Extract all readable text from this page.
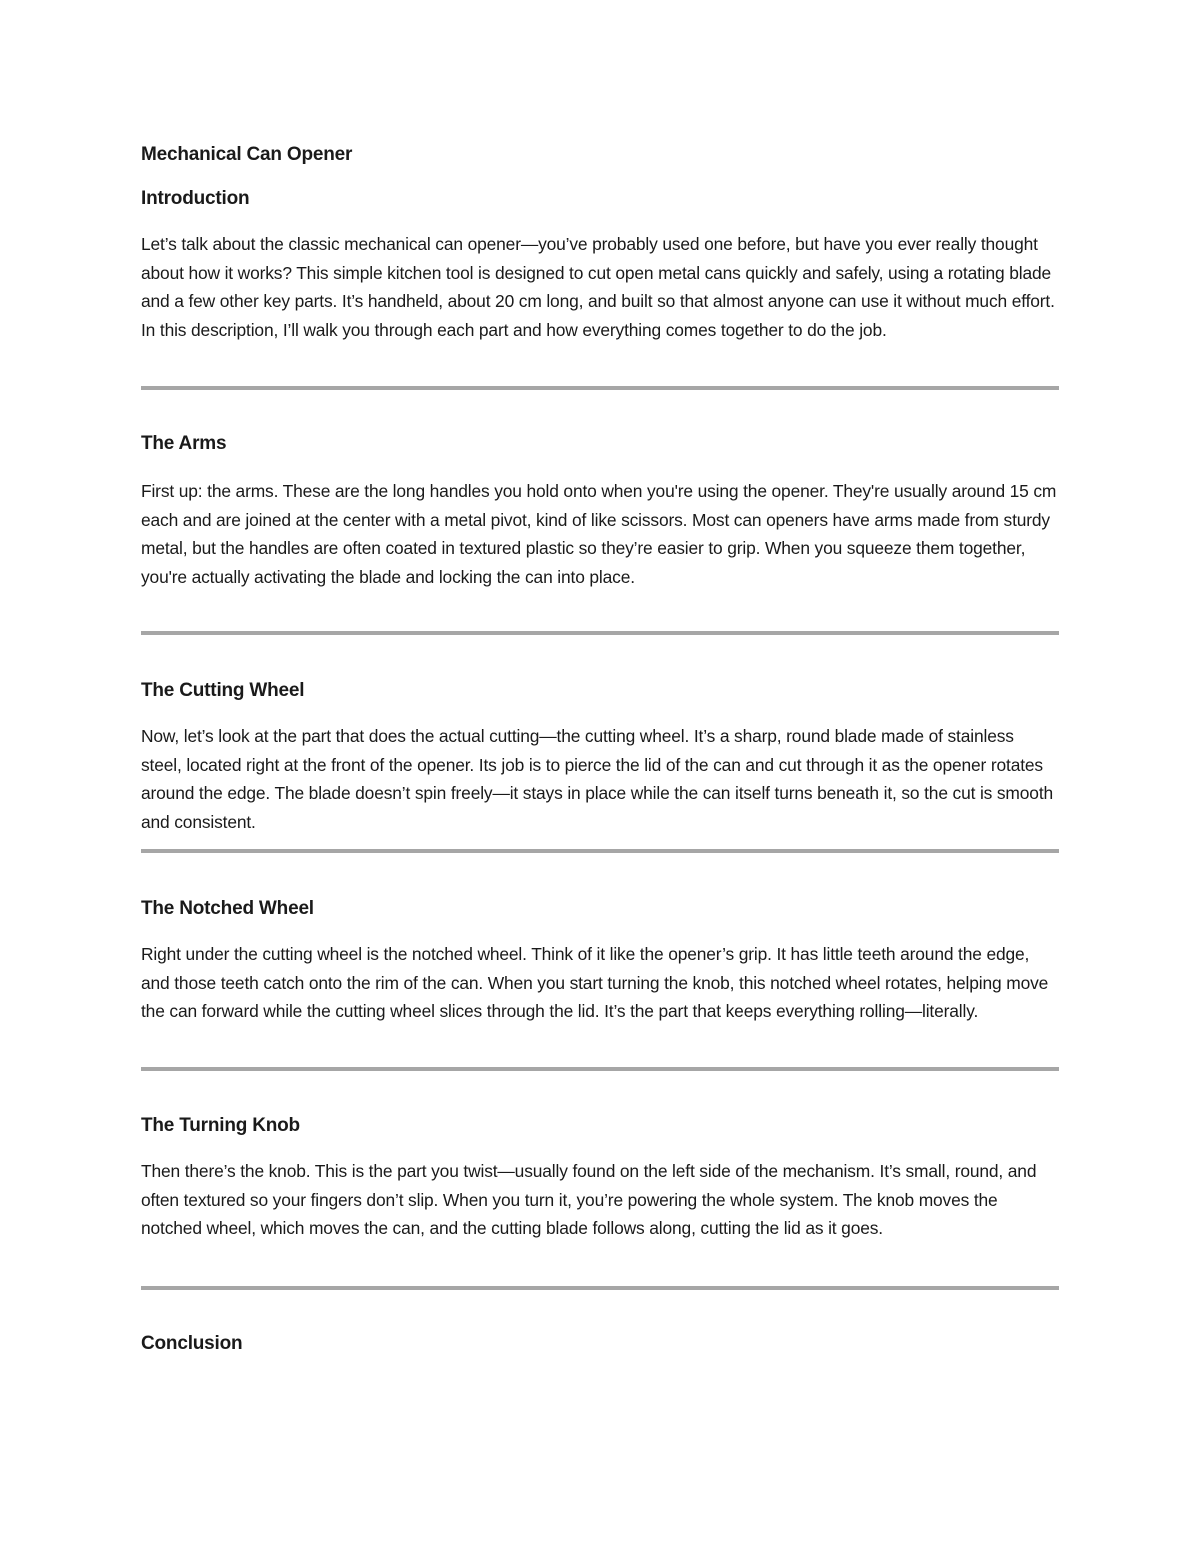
Mechanical Can Opener
Introduction

Let’s talk about the classic mechanical can opener—you’ve probably used one before, but have you ever really thought about how it works? This simple kitchen tool is designed to cut open metal cans quickly and safely, using a rotating blade and a few other key parts. It’s handheld, about 20 cm long, and built so that almost anyone can use it without much effort. In this description, I’ll walk you through each part and how everything comes together to do the job.

The Arms

First up: the arms. These are the long handles you hold onto when you're using the opener. They're usually around 15 cm each and are joined at the center with a metal pivot, kind of like scissors. Most can openers have arms made from sturdy metal, but the handles are often coated in textured plastic so they’re easier to grip. When you squeeze them together, you're actually activating the blade and locking the can into place.

The Cutting Wheel

Now, let’s look at the part that does the actual cutting—the cutting wheel. It’s a sharp, round blade made of stainless steel, located right at the front of the opener. Its job is to pierce the lid of the can and cut through it as the opener rotates around the edge. The blade doesn’t spin freely—it stays in place while the can itself turns beneath it, so the cut is smooth and consistent.

The Notched Wheel

Right under the cutting wheel is the notched wheel. Think of it like the opener’s grip. It has little teeth around the edge, and those teeth catch onto the rim of the can. When you start turning the knob, this notched wheel rotates, helping move the can forward while the cutting wheel slices through the lid. It’s the part that keeps everything rolling—literally.

The Turning Knob

Then there’s the knob. This is the part you twist—usually found on the left side of the mechanism. It’s small, round, and often textured so your fingers don’t slip. When you turn it, you’re powering the whole system. The knob moves the notched wheel, which moves the can, and the cutting blade follows along, cutting the lid as it goes.

Conclusion
